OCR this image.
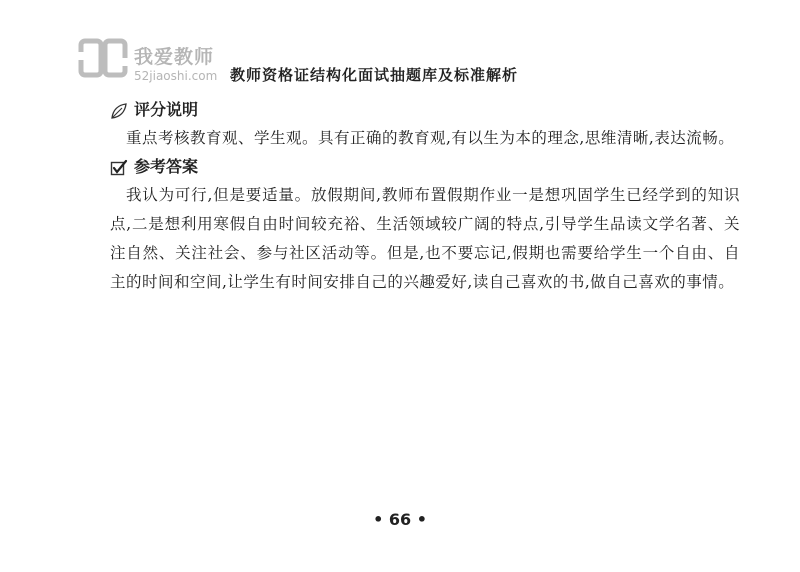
我爱教师
52jiaoshi.com 教师资格证结构化面试抽题库及标准解析
评分说明

重点考核教育观、学生观。具有正确的教育观,有以生为本的理念,思维清晰,表达流畅。

参考答案

我认为可行,但是要适量。放假期间,教师布置假期作业一是想巩固学生已经学到的知识点,二是想利用寒假自由时间较充裕、生活领域较广阔的特点,引导学生品读文学名著、关注自然、关注社会、参与社区活动等。但是,也不要忘记,假期也需要给学生一个自由、自主的时间和空间,让学生有时间安排自己的兴趣爱好,读自己喜欢的书,做自己喜欢的事情。

• 66 •
